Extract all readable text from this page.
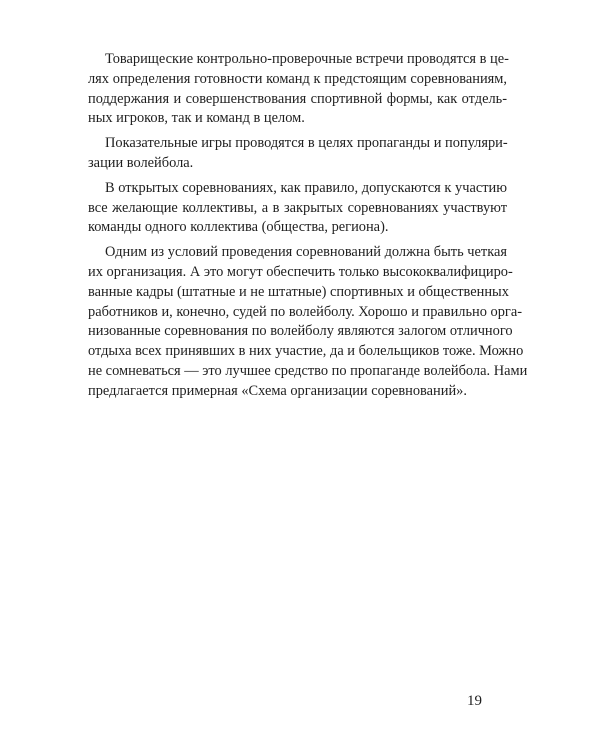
Товарищеские контрольно-проверочные встречи проводятся в це-
лях определения готовности команд к предстоящим соревнованиям,
поддержания и совершенствования спортивной формы, как отдель-
ных игроков, так и команд в целом.
Показательные игры проводятся в целях пропаганды и популяри-
зации волейбола.
В открытых соревнованиях, как правило, допускаются к участию
все желающие коллективы, а в закрытых соревнованиях участвуют
команды одного коллектива (общества, региона).
Одним из условий проведения соревнований должна быть четкая
их организация. А это могут обеспечить только высококвалифициро-
ванные кадры (штатные и не штатные) спортивных и общественных
работников и, конечно, судей по волейболу. Хорошо и правильно орга-
низованные соревнования по волейболу являются залогом отличного
отдыха всех принявших в них участие, да и болельщиков тоже. Можно
не сомневаться — это лучшее средство по пропаганде волейбола. Нами
предлагается примерная «Схема организации соревнований».
19
